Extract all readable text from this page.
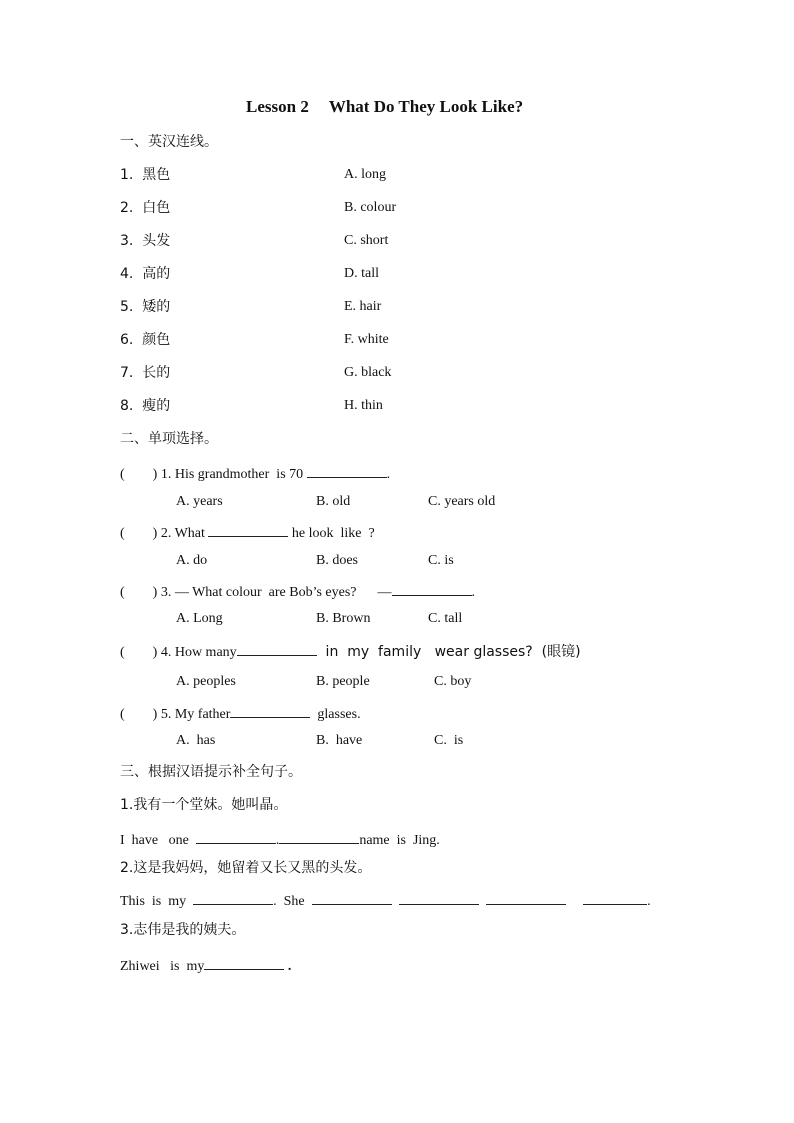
Lesson 2 What Do They Look Like?
一、英汉连线。
1.  黑色	A. long
2.  白色	B. colour
3.  头发	C. short
4.  高的	D. tall
5.  矮的	E. hair
6.  颜色	F. white
7.  长的	G. black
8.  瘦的	H. thin
二、单项选择。
(        ) 1. His grandmother  is 70	.
A. years	B. old	C. years old
(        ) 2. What	he look  like  ?
A. do	B. does	C. is
(        ) 3. — What colour  are Bob’s eyes?      —	.
A. Long	B. Brown	C. tall
(        ) 4. How many	in  my  family   wear glasses?  (眼镜)
A. peoples	B. people	C. boy
(        ) 5. My father	glasses.
A.  has	B.  have	C.  is
三、根据汉语提示补全句子。
1.我有一个堂妹。她叫晶。
I  have   one	.	name  is  Jing.
2.这是我妈妈，她留着又长又黑的头发。
This  is  my	.  She	.
3.志伟是我的姨夫。
Zhiwei   is  my	.
